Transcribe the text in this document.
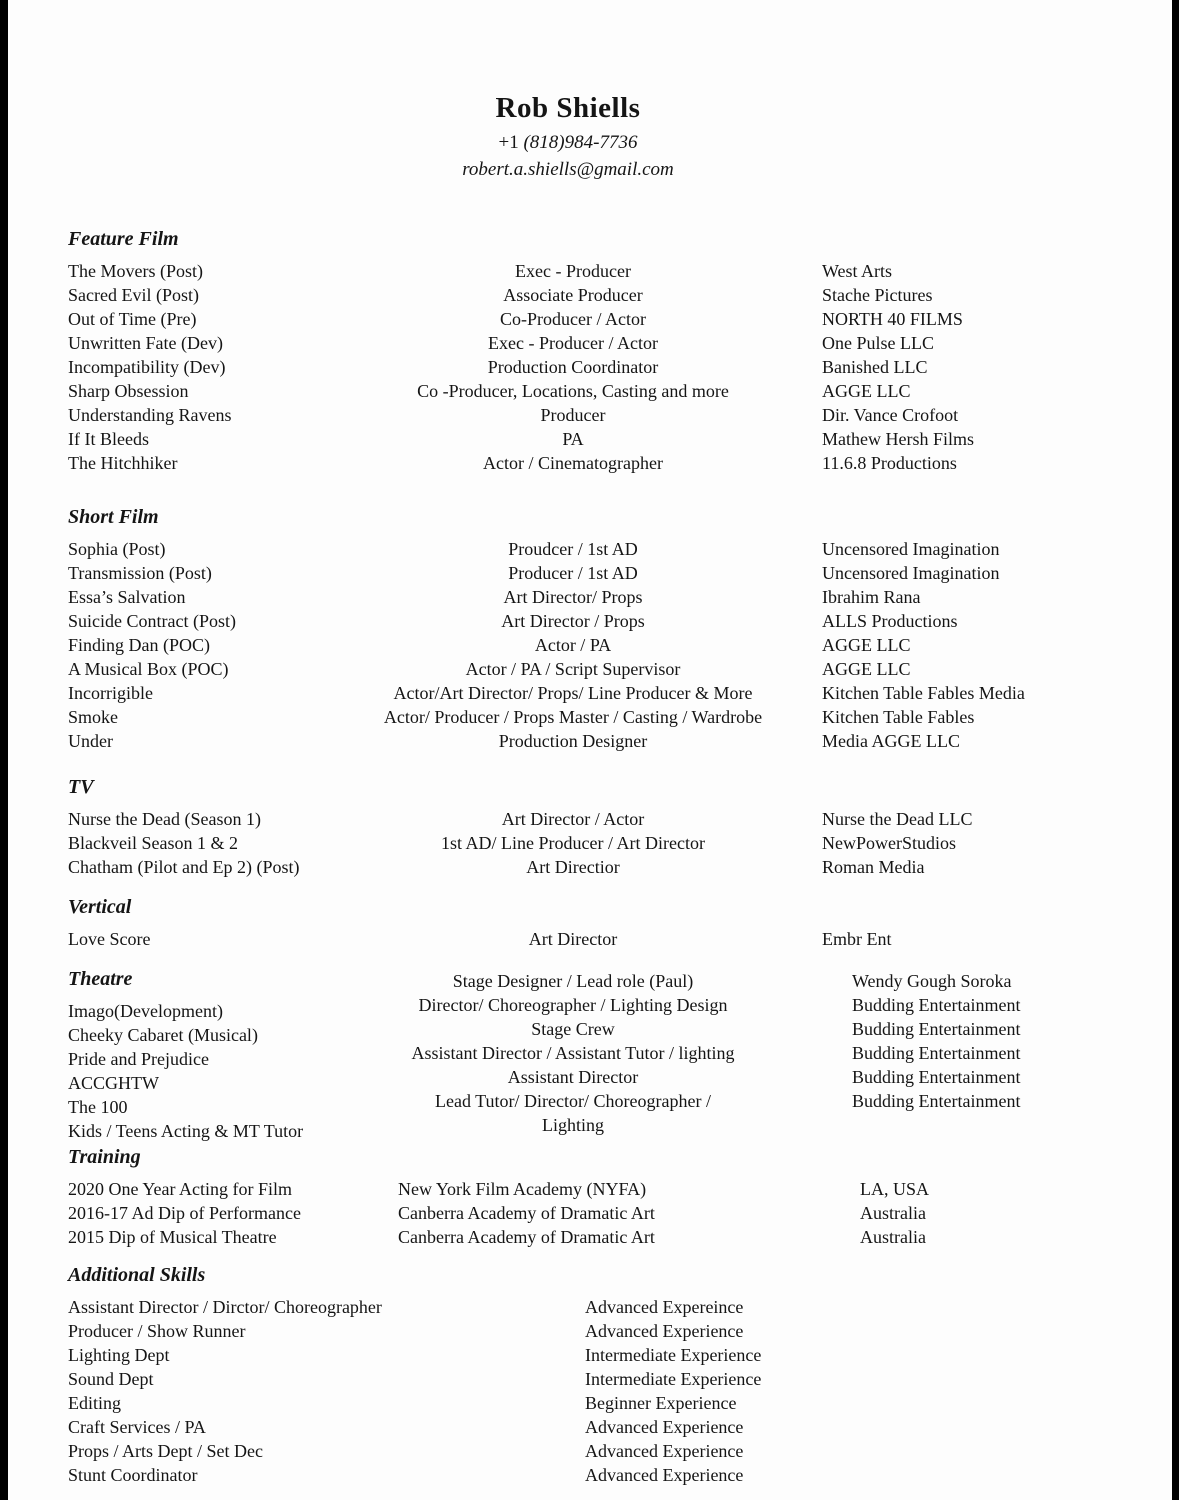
Rob Shiells
+1 (818)984-7736
robert.a.shiells@gmail.com
Feature Film
The Movers (Post)
Sacred Evil (Post)
Out of Time (Pre)
Unwritten Fate (Dev)
Incompatibility (Dev)
Sharp Obsession
Understanding Ravens
If It Bleeds
The Hitchhiker
Exec - Producer
Associate Producer
Co-Producer / Actor
Exec - Producer / Actor
Production Coordinator
Co -Producer, Locations, Casting and more
Producer
PA
Actor / Cinematographer
West Arts
Stache Pictures
NORTH 40 FILMS
One Pulse LLC
Banished LLC
AGGE LLC
Dir. Vance Crofoot
Mathew Hersh Films
11.6.8 Productions
Short Film
Sophia (Post)
Transmission (Post)
Essa’s Salvation
Suicide Contract (Post)
Finding Dan (POC)
A Musical Box (POC)
Incorrigible
Smoke
Under
Proudcer / 1st AD
Producer / 1st AD
Art Director/ Props
Art Director / Props
Actor / PA
Actor / PA / Script Supervisor
Actor/Art Director/ Props/ Line Producer & More
Actor/ Producer / Props Master / Casting / Wardrobe
Production Designer
Uncensored Imagination
Uncensored Imagination
Ibrahim Rana
ALLS Productions
AGGE LLC
AGGE LLC
Kitchen Table Fables Media
Kitchen Table Fables
Media AGGE LLC
TV
Nurse the Dead (Season 1)
Blackveil Season 1 & 2
Chatham (Pilot and Ep 2) (Post)
Art Director / Actor
1st AD/ Line Producer / Art Director
Art Directior
Nurse the Dead LLC
NewPowerStudios
Roman Media
Vertical
Love Score	Art Director	Embr Ent
Theatre
Imago(Development)
Cheeky Cabaret (Musical)
Pride and Prejudice
ACCGHTW
The 100
Kids / Teens Acting & MT Tutor
Stage Designer / Lead role (Paul)
Director/ Choreographer / Lighting Design
Stage Crew
Assistant Director / Assistant Tutor / lighting
Assistant Director
Lead Tutor/ Director/ Choreographer /
Lighting
Wendy Gough Soroka
Budding Entertainment
Budding Entertainment
Budding Entertainment
Budding Entertainment
Budding Entertainment
Training
2020 One Year Acting for Film
2016-17 Ad Dip of Performance
2015 Dip of Musical Theatre
New York Film Academy (NYFA)
Canberra Academy of Dramatic Art
Canberra Academy of Dramatic Art
LA, USA
Australia
Australia
Additional Skills
Assistant Director / Dirctor/ Choreographer
Producer / Show Runner
Lighting Dept
Sound Dept
Editing
Craft Services / PA
Props / Arts Dept / Set Dec
Stunt Coordinator
Advanced Expereince
Advanced Experience
Intermediate Experience
Intermediate Experience
Beginner Experience
Advanced Experience
Advanced Experience
Advanced Experience
